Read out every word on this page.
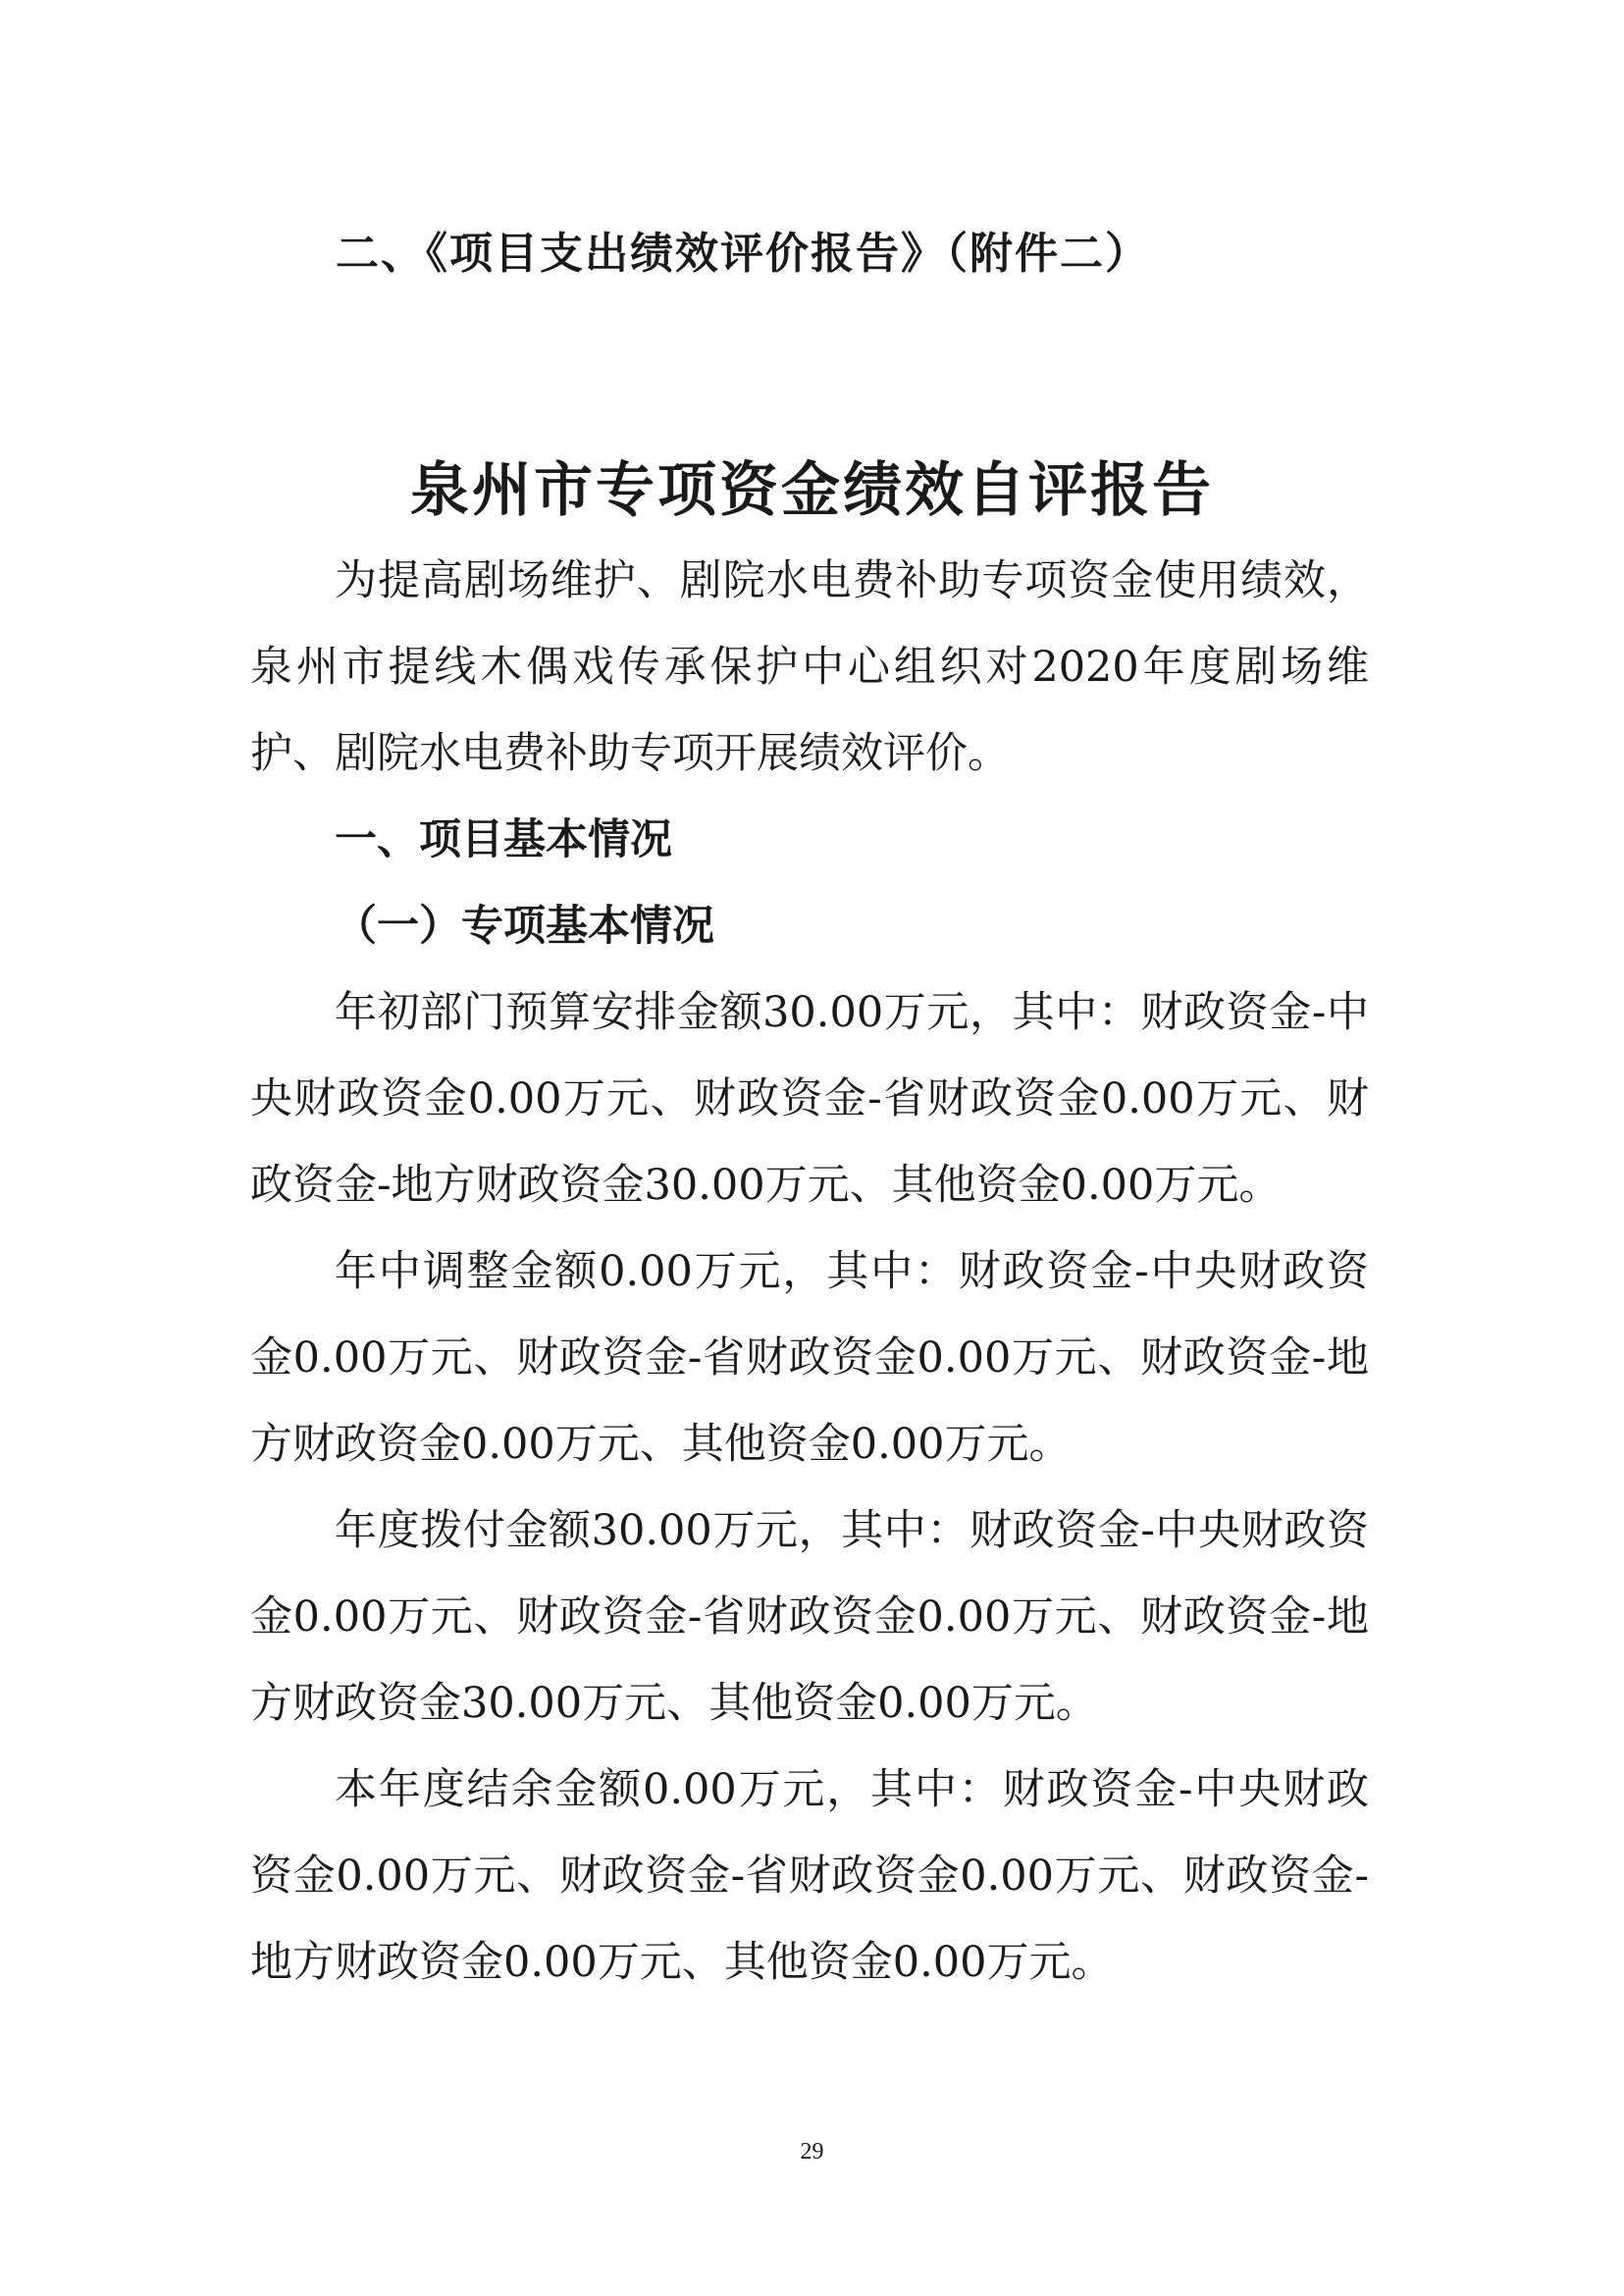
二、《项目支出绩效评价报告》（附件二）
泉州市专项资金绩效自评报告

为提高剧场维护、剧院水电费补助专项资金使用绩效，泉州市提线木偶戏传承保护中心组织对2020年度剧场维护、剧院水电费补助专项开展绩效评价。

一、项目基本情况

（一）专项基本情况

年初部门预算安排金额30.00万元，其中：财政资金-中央财政资金0.00万元、财政资金-省财政资金0.00万元、财政资金-地方财政资金30.00万元、其他资金0.00万元。

年中调整金额0.00万元，其中：财政资金-中央财政资金0.00万元、财政资金-省财政资金0.00万元、财政资金-地方财政资金0.00万元、其他资金0.00万元。

年度拨付金额30.00万元，其中：财政资金-中央财政资金0.00万元、财政资金-省财政资金0.00万元、财政资金-地方财政资金30.00万元、其他资金0.00万元。

本年度结余金额0.00万元，其中：财政资金-中央财政资金0.00万元、财政资金-省财政资金0.00万元、财政资金-地方财政资金0.00万元、其他资金0.00万元。

29
